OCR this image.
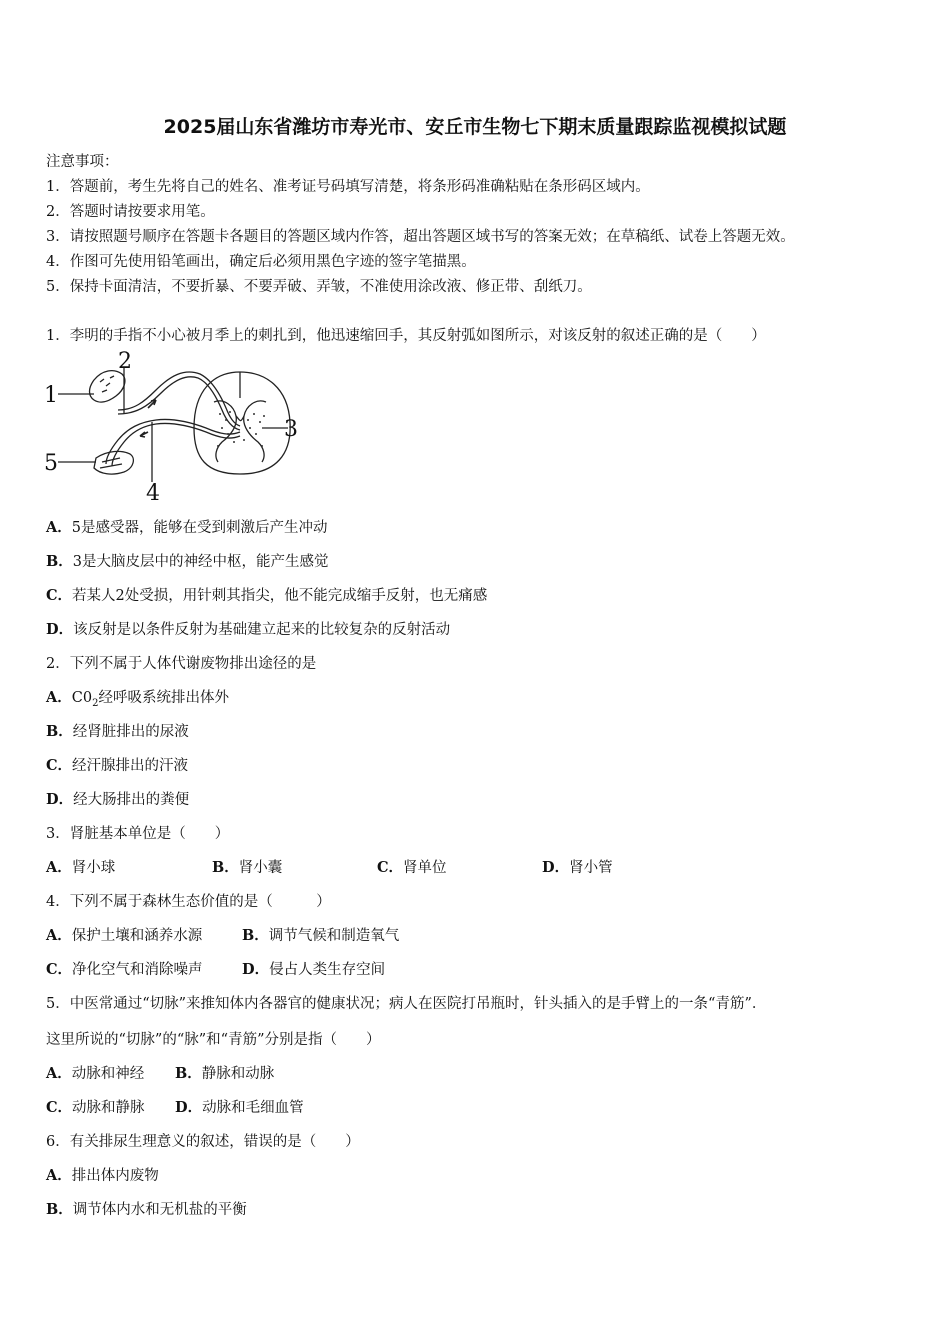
2025届山东省潍坊市寿光市、安丘市生物七下期末质量跟踪监视模拟试题
注意事项：
1．答题前，考生先将自己的姓名、准考证号码填写清楚，将条形码准确粘贴在条形码区域内。
2．答题时请按要求用笔。
3．请按照题号顺序在答题卡各题目的答题区域内作答，超出答题区域书写的答案无效；在草稿纸、试卷上答题无效。
4．作图可先使用铅笔画出，确定后必须用黑色字迹的签字笔描黑。
5．保持卡面清洁，不要折暴、不要弄破、弄皱，不准使用涂改液、修正带、刮纸刀。
1．李明的手指不小心被月季上的刺扎到，他迅速缩回手，其反射弧如图所示，对该反射的叙述正确的是（　　）
1
2
3
4
5
A．5是感受器，能够在受到刺激后产生冲动
B．3是大脑皮层中的神经中枢，能产生感觉
C．若某人2处受损，用针刺其指尖，他不能完成缩手反射，也无痛感
D．该反射是以条件反射为基础建立起来的比较复杂的反射活动
2．下列不属于人体代谢废物排出途径的是
A．$C0_2$经呼吸系统排出体外
B．经肾脏排出的尿液
C．经汗腺排出的汗液
D．经大肠排出的粪便
3．肾脏基本单位是（　　）
A．肾小球	B．肾小囊	C．肾单位	D．肾小管
4．下列不属于森林生态价值的是（　　　）
A．保护土壤和涵养水源	B．调节气候和制造氧气
C．净化空气和消除噪声	D．侵占人类生存空间
5．中医常通过“切脉”来推知体内各器官的健康状况；病人在医院打吊瓶时，针头插入的是手臂上的一条“青筋”．
这里所说的“切脉”的“脉”和“青筋”分别是指（　　）
A．动脉和神经 B．静脉和动脉
C．动脉和静脉 D．动脉和毛细血管
6．有关排尿生理意义的叙述，错误的是（　　）
A．排出体内废物
B．调节体内水和无机盐的平衡
